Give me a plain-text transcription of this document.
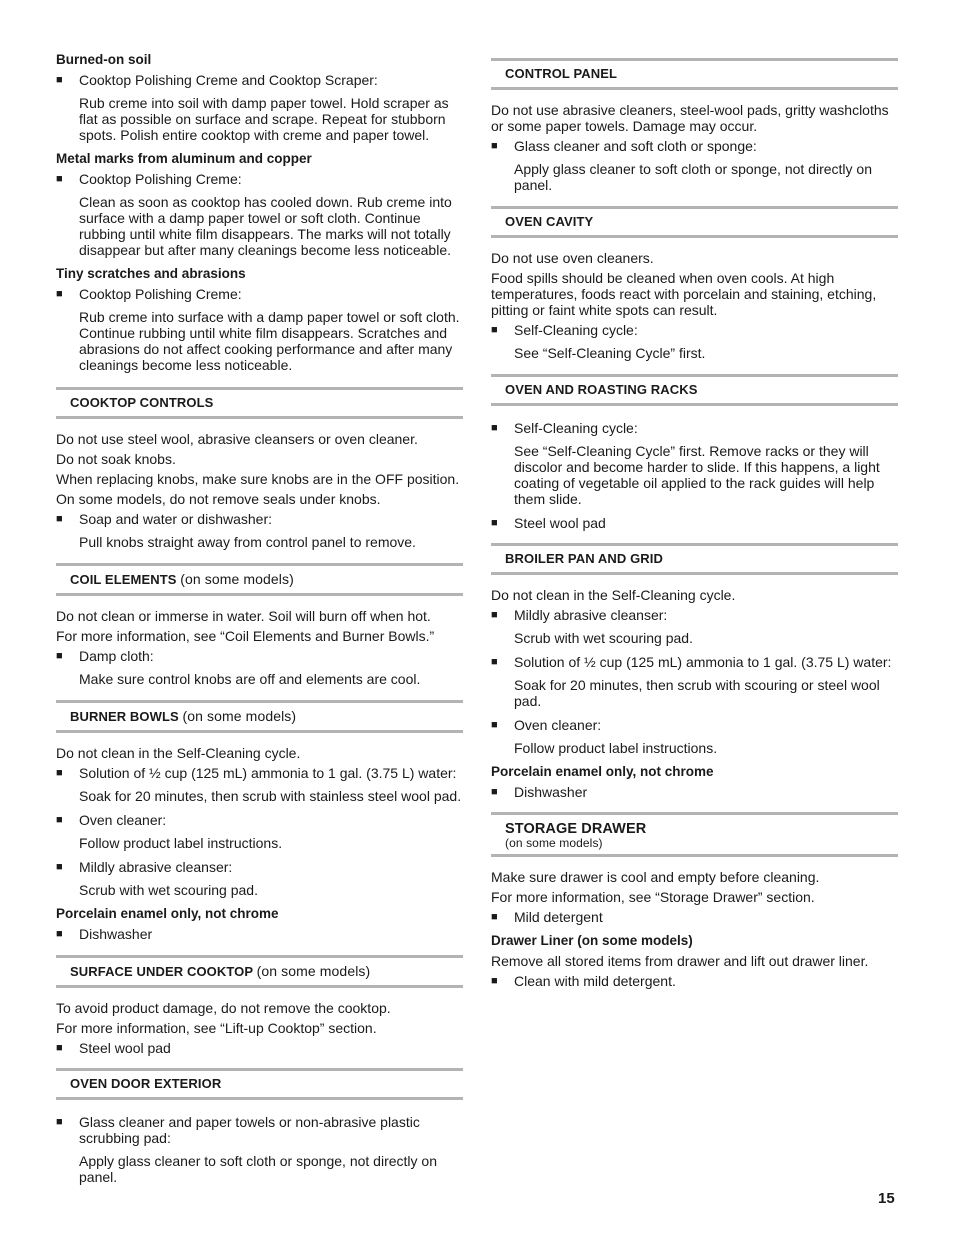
Burned-on soil
■	Cooktop Polishing Creme and Cooktop Scraper:
Rub creme into soil with damp paper towel. Hold scraper as flat as possible on surface and scrape. Repeat for stubborn spots. Polish entire cooktop with creme and paper towel.
Metal marks from aluminum and copper
■	Cooktop Polishing Creme:
Clean as soon as cooktop has cooled down. Rub creme into surface with a damp paper towel or soft cloth. Continue rubbing until white film disappears. The marks will not totally disappear but after many cleanings become less noticeable.
Tiny scratches and abrasions
■	Cooktop Polishing Creme:
Rub creme into surface with a damp paper towel or soft cloth. Continue rubbing until white film disappears. Scratches and abrasions do not affect cooking performance and after many cleanings become less noticeable.
COOKTOP CONTROLS

Do not use steel wool, abrasive cleansers or oven cleaner.

Do not soak knobs.

When replacing knobs, make sure knobs are in the OFF position.

On some models, do not remove seals under knobs.

■	Soap and water or dishwasher:
Pull knobs straight away from control panel to remove.
COIL ELEMENTS (on some models)

Do not clean or immerse in water. Soil will burn off when hot.

For more information, see “Coil Elements and Burner Bowls.”

■	Damp cloth:
Make sure control knobs are off and elements are cool.
BURNER BOWLS (on some models)

Do not clean in the Self-Cleaning cycle.

■	Solution of ½ cup (125 mL) ammonia to 1 gal. (3.75 L) water:
Soak for 20 minutes, then scrub with stainless steel wool pad.
■	Oven cleaner:
Follow product label instructions.
■	Mildly abrasive cleanser:
Scrub with wet scouring pad.
Porcelain enamel only, not chrome
■	Dishwasher
SURFACE UNDER COOKTOP (on some models)

To avoid product damage, do not remove the cooktop.

For more information, see “Lift-up Cooktop” section.

■	Steel wool pad
OVEN DOOR EXTERIOR
■	Glass cleaner and paper towels or non-abrasive plastic scrubbing pad:
Apply glass cleaner to soft cloth or sponge, not directly on panel.
CONTROL PANEL

Do not use abrasive cleaners, steel-wool pads, gritty washcloths or some paper towels. Damage may occur.

■	Glass cleaner and soft cloth or sponge:
Apply glass cleaner to soft cloth or sponge, not directly on panel.
OVEN CAVITY

Do not use oven cleaners.

Food spills should be cleaned when oven cools. At high temperatures, foods react with porcelain and staining, etching, pitting or faint white spots can result.

■	Self-Cleaning cycle:
See “Self-Cleaning Cycle” first.
OVEN AND ROASTING RACKS
■	Self-Cleaning cycle:
See “Self-Cleaning Cycle” first. Remove racks or they will discolor and become harder to slide. If this happens, a light coating of vegetable oil applied to the rack guides will help them slide.
■	Steel wool pad
BROILER PAN AND GRID

Do not clean in the Self-Cleaning cycle.

■	Mildly abrasive cleanser:
Scrub with wet scouring pad.
■	Solution of ½ cup (125 mL) ammonia to 1 gal. (3.75 L) water:
Soak for 20 minutes, then scrub with scouring or steel wool pad.
■	Oven cleaner:
Follow product label instructions.
Porcelain enamel only, not chrome
■	Dishwasher
STORAGE DRAWER
(on some models)

Make sure drawer is cool and empty before cleaning.

For more information, see “Storage Drawer” section.

■	Mild detergent
Drawer Liner (on some models)

Remove all stored items from drawer and lift out drawer liner.

■	Clean with mild detergent.
15
